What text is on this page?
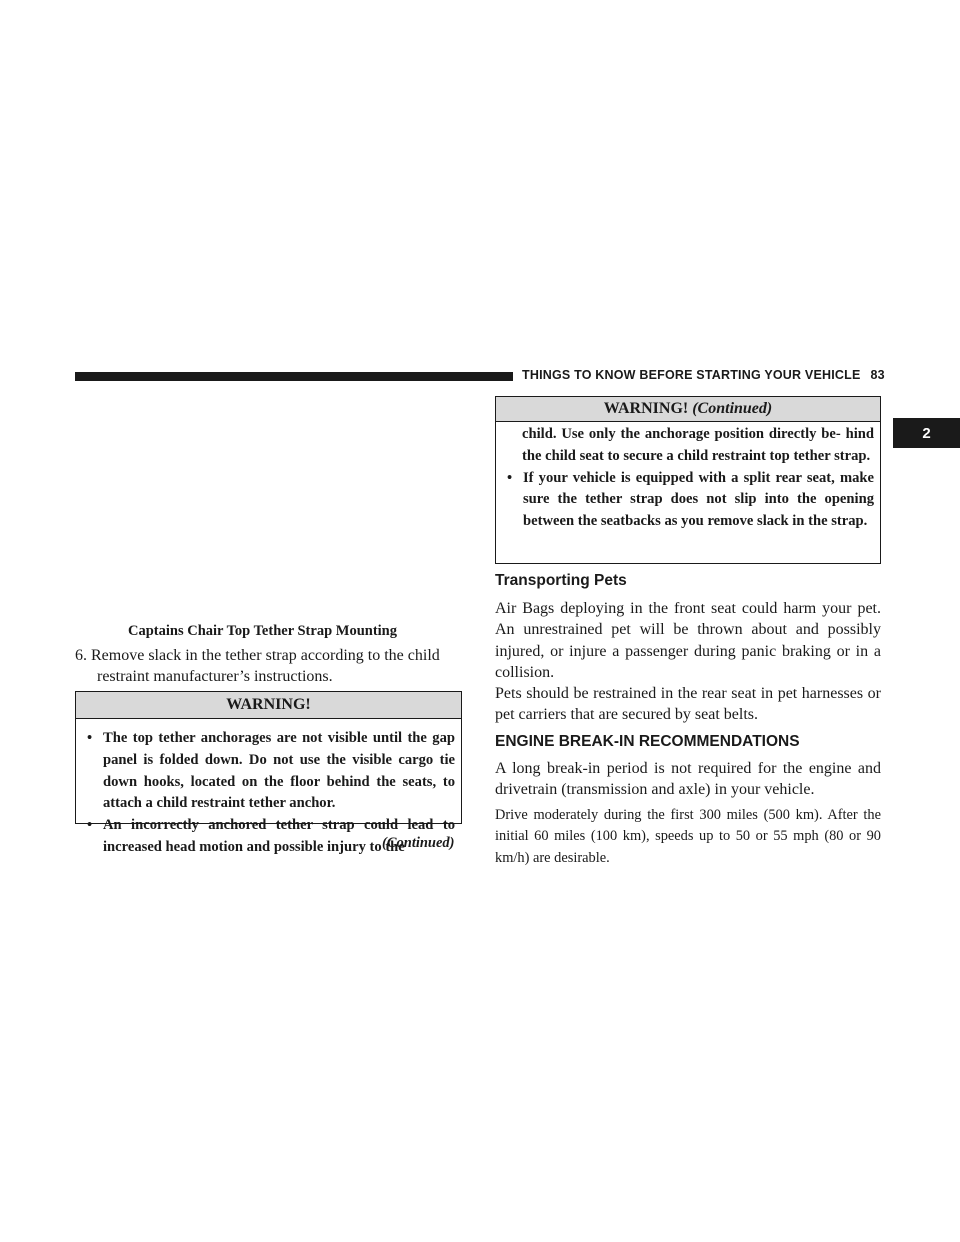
THINGS TO KNOW BEFORE STARTING YOUR VEHICLE 83
2
Captains Chair Top Tether Strap Mounting
6. Remove slack in the tether strap according to the child
restraint manufacturer’s instructions.
WARNING!
• The top tether anchorages are not visible until the gap panel is folded down. Do not use the visible cargo tie down hooks, located on the floor behind the seats, to attach a child restraint tether anchor.
• An incorrectly anchored tether strap could lead to increased head motion and possible injury to the
(Continued)
WARNING! (Continued)
child. Use only the anchorage position directly be- hind the child seat to secure a child restraint top tether strap.
• If your vehicle is equipped with a split rear seat, make sure the tether strap does not slip into the opening between the seatbacks as you remove slack in the strap.
Transporting Pets

Air Bags deploying in the front seat could harm your pet. An unrestrained pet will be thrown about and possibly injured, or injure a passenger during panic braking or in a collision.

Pets should be restrained in the rear seat in pet harnesses or pet carriers that are secured by seat belts.

ENGINE BREAK-IN RECOMMENDATIONS

A long break-in period is not required for the engine and drivetrain (transmission and axle) in your vehicle.

Drive moderately during the first 300 miles (500 km). After the initial 60 miles (100 km), speeds up to 50 or 55 mph (80 or 90 km/h) are desirable.
